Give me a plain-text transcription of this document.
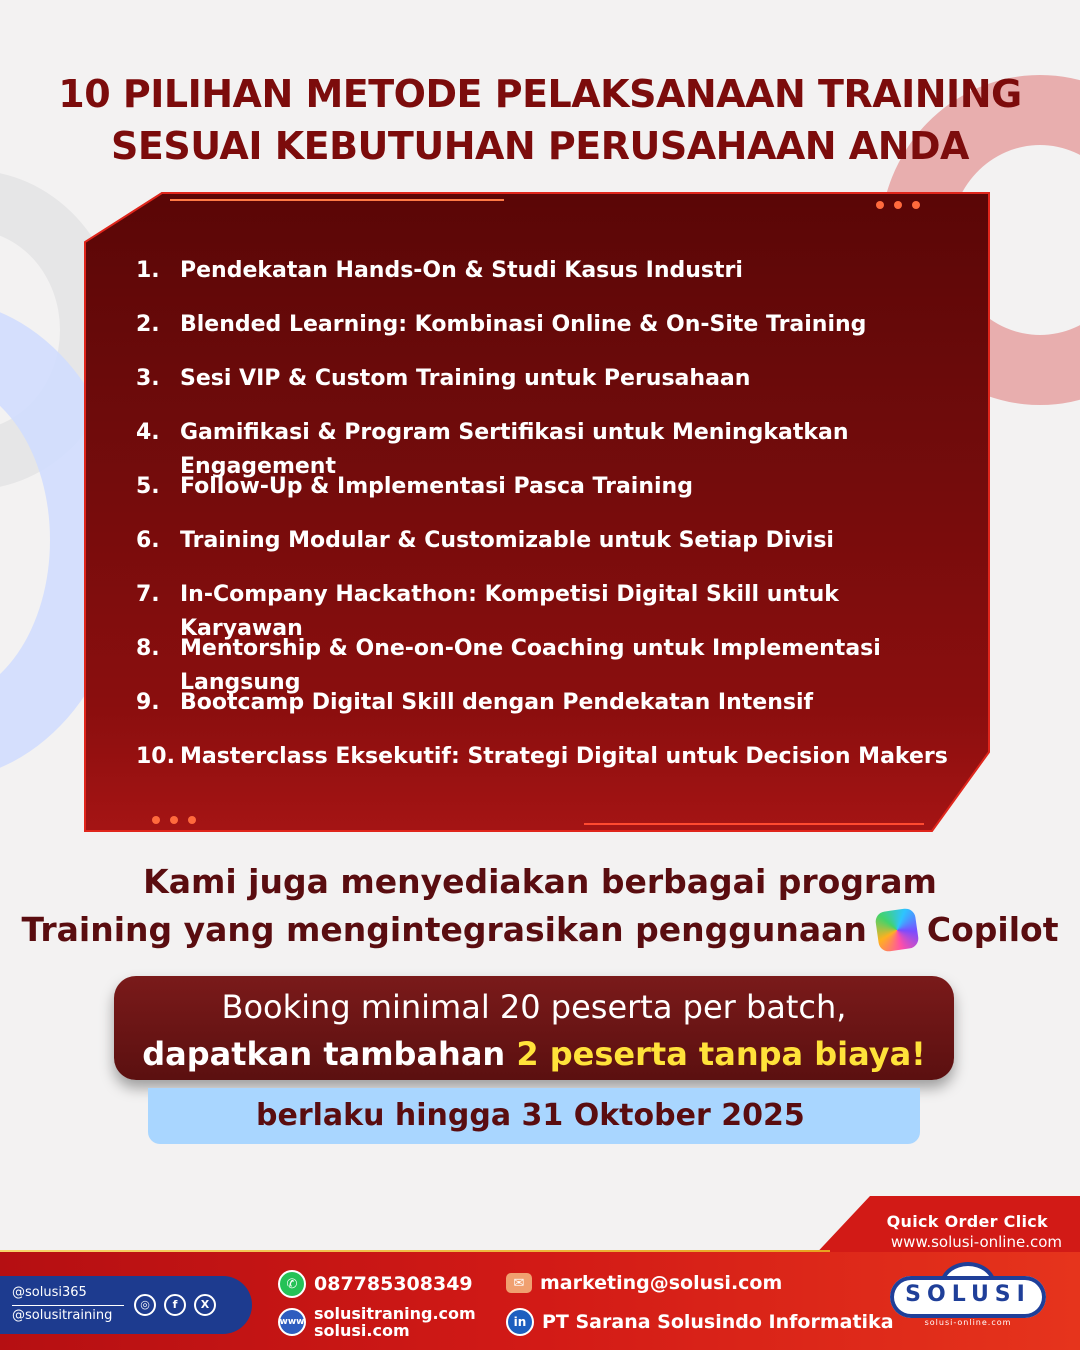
10 PILIHAN METODE PELAKSANAAN TRAINING
SESUAI KEBUTUHAN PERUSAHAAN ANDA
1. Pendekatan Hands-On & Studi Kasus Industri
2. Blended Learning: Kombinasi Online & On-Site Training
3. Sesi VIP & Custom Training untuk Perusahaan
4. Gamifikasi & Program Sertifikasi untuk Meningkatkan Engagement
5. Follow-Up & Implementasi Pasca Training
6. Training Modular & Customizable untuk Setiap Divisi
7. In-Company Hackathon: Kompetisi Digital Skill untuk Karyawan
8. Mentorship & One-on-One Coaching untuk Implementasi Langsung
9. Bootcamp Digital Skill dengan Pendekatan Intensif
10. Masterclass Eksekutif: Strategi Digital untuk Decision Makers
Kami juga menyediakan berbagai program
Training yang mengintegrasikan penggunaan Copilot
Booking minimal 20 peserta per batch,
dapatkan tambahan 2 peserta tanpa biaya!
berlaku hingga 31 Oktober 2025
Quick Order Click
www.solusi-online.com
@solusi365
@solusitraining
◎	f	X
✆ 087785308349
www solusitraning.com
solusi.com
✉ marketing@solusi.com
in PT Sarana Solusindo Informatika
SOLUSI
solusi-online.com
